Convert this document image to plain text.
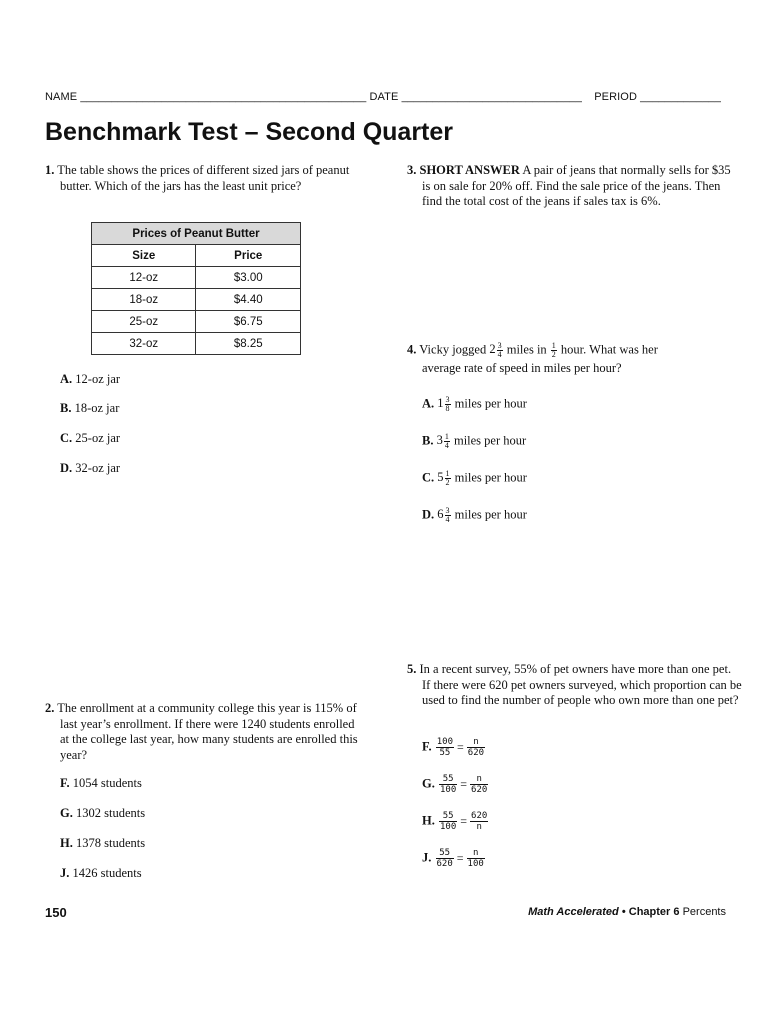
NAME ______________________________________________ DATE _____________________________ PERIOD _____________
Benchmark Test – Second Quarter
1. The table shows the prices of different sized jars of peanut butter. Which of the jars has the least unit price?
Prices of Peanut Butter	
Size	Price
12-oz	$3.00
18-oz	$4.40
25-oz	$6.75
32-oz	$8.25
A. 12-oz jar
B. 18-oz jar
C. 25-oz jar
D. 32-oz jar
2. The enrollment at a community college this year is 115% of last year’s enrollment. If there were 1240 students enrolled at the college last year, how many students are enrolled this year?
F. 1054 students
G. 1302 students
H. 1378 students
J. 1426 students
3. SHORT ANSWER A pair of jeans that normally sells for $35 is on sale for 20% off. Find the sale price of the jeans. Then find the total cost of the jeans if sales tax is 6%.
4. Vicky jogged $2 \frac{3}{4}$ miles in $\frac{1}{2}$ hour. What was her
average rate of speed in miles per hour?
A. $1 \frac{3}{8}$ miles per hour
B. $3 \frac{1}{4}$ miles per hour
C. $5 \frac{1}{2}$ miles per hour
D. $6 \frac{3}{4}$ miles per hour
5. In a recent survey, 55% of pet owners have more than one pet. If there were 620 pet owners surveyed, which proportion can be used to find the number of people who own more than one pet?
F. $\frac{100}{55} = \frac{n}{620}$
G. $\frac{55}{100} = \frac{n}{620}$
H. $\frac{55}{100} = \frac{620}{n}$
J. $\frac{55}{620} = \frac{n}{100}$
150	Math Accelerated • Chapter 6 Percents
